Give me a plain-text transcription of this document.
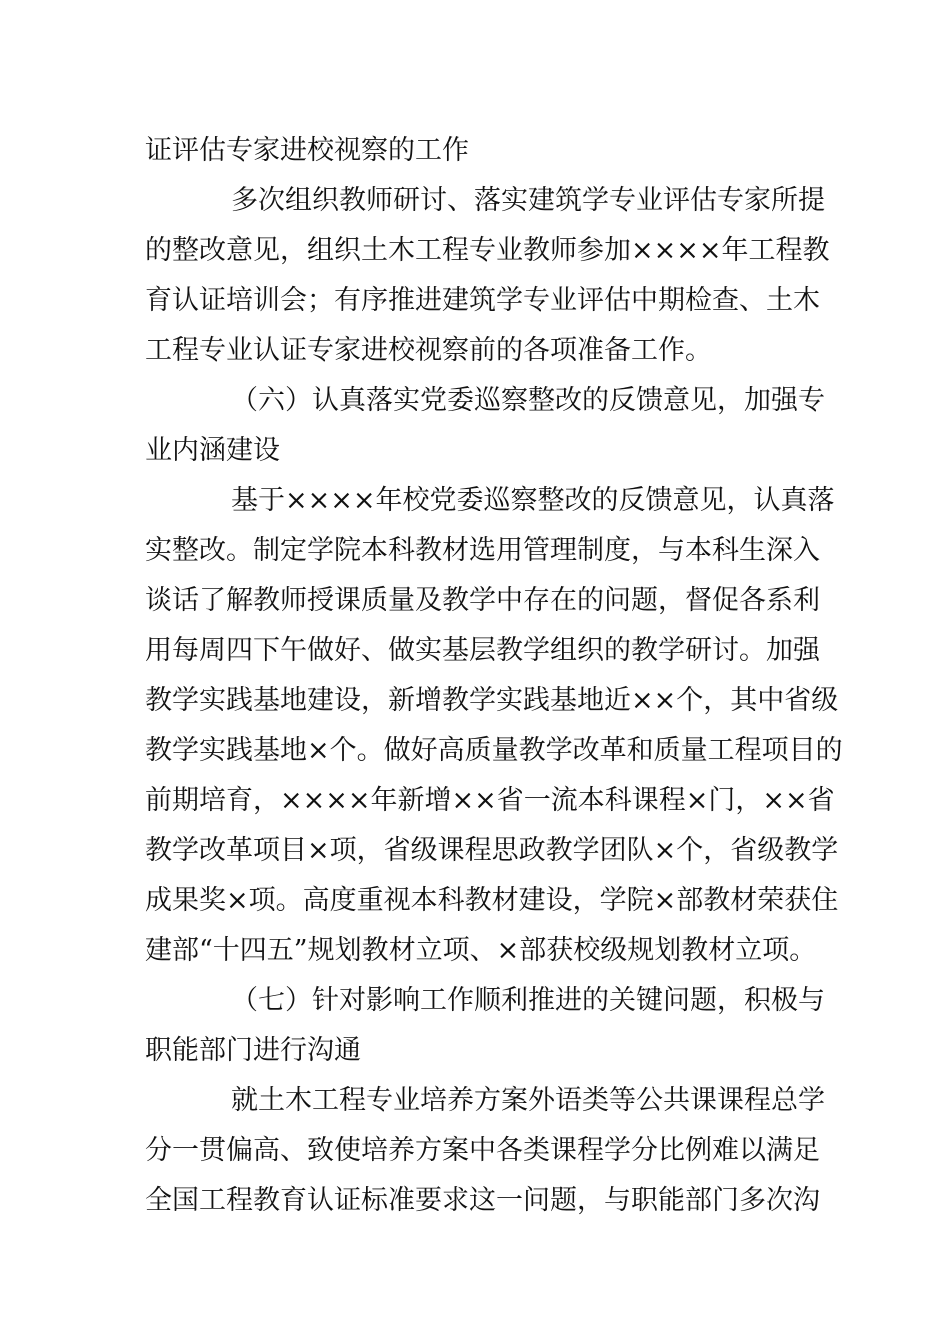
证评估专家进校视察的工作
多次组织教师研讨、落实建筑学专业评估专家所提
的整改意见，组织土木工程专业教师参加××××年工程教
育认证培训会；有序推进建筑学专业评估中期检查、土木
工程专业认证专家进校视察前的各项准备工作。
（六）认真落实党委巡察整改的反馈意见，加强专
业内涵建设
基于××××年校党委巡察整改的反馈意见，认真落
实整改。制定学院本科教材选用管理制度，与本科生深入
谈话了解教师授课质量及教学中存在的问题，督促各系利
用每周四下午做好、做实基层教学组织的教学研讨。加强
教学实践基地建设，新增教学实践基地近××个，其中省级
教学实践基地×个。做好高质量教学改革和质量工程项目的
前期培育，××××年新增××省一流本科课程×门，××省
教学改革项目×项，省级课程思政教学团队×个，省级教学
成果奖×项。高度重视本科教材建设，学院×部教材荣获住
建部“十四五”规划教材立项、×部获校级规划教材立项。
（七）针对影响工作顺利推进的关键问题，积极与
职能部门进行沟通
就土木工程专业培养方案外语类等公共课课程总学
分一贯偏高、致使培养方案中各类课程学分比例难以满足
全国工程教育认证标准要求这一问题，与职能部门多次沟
